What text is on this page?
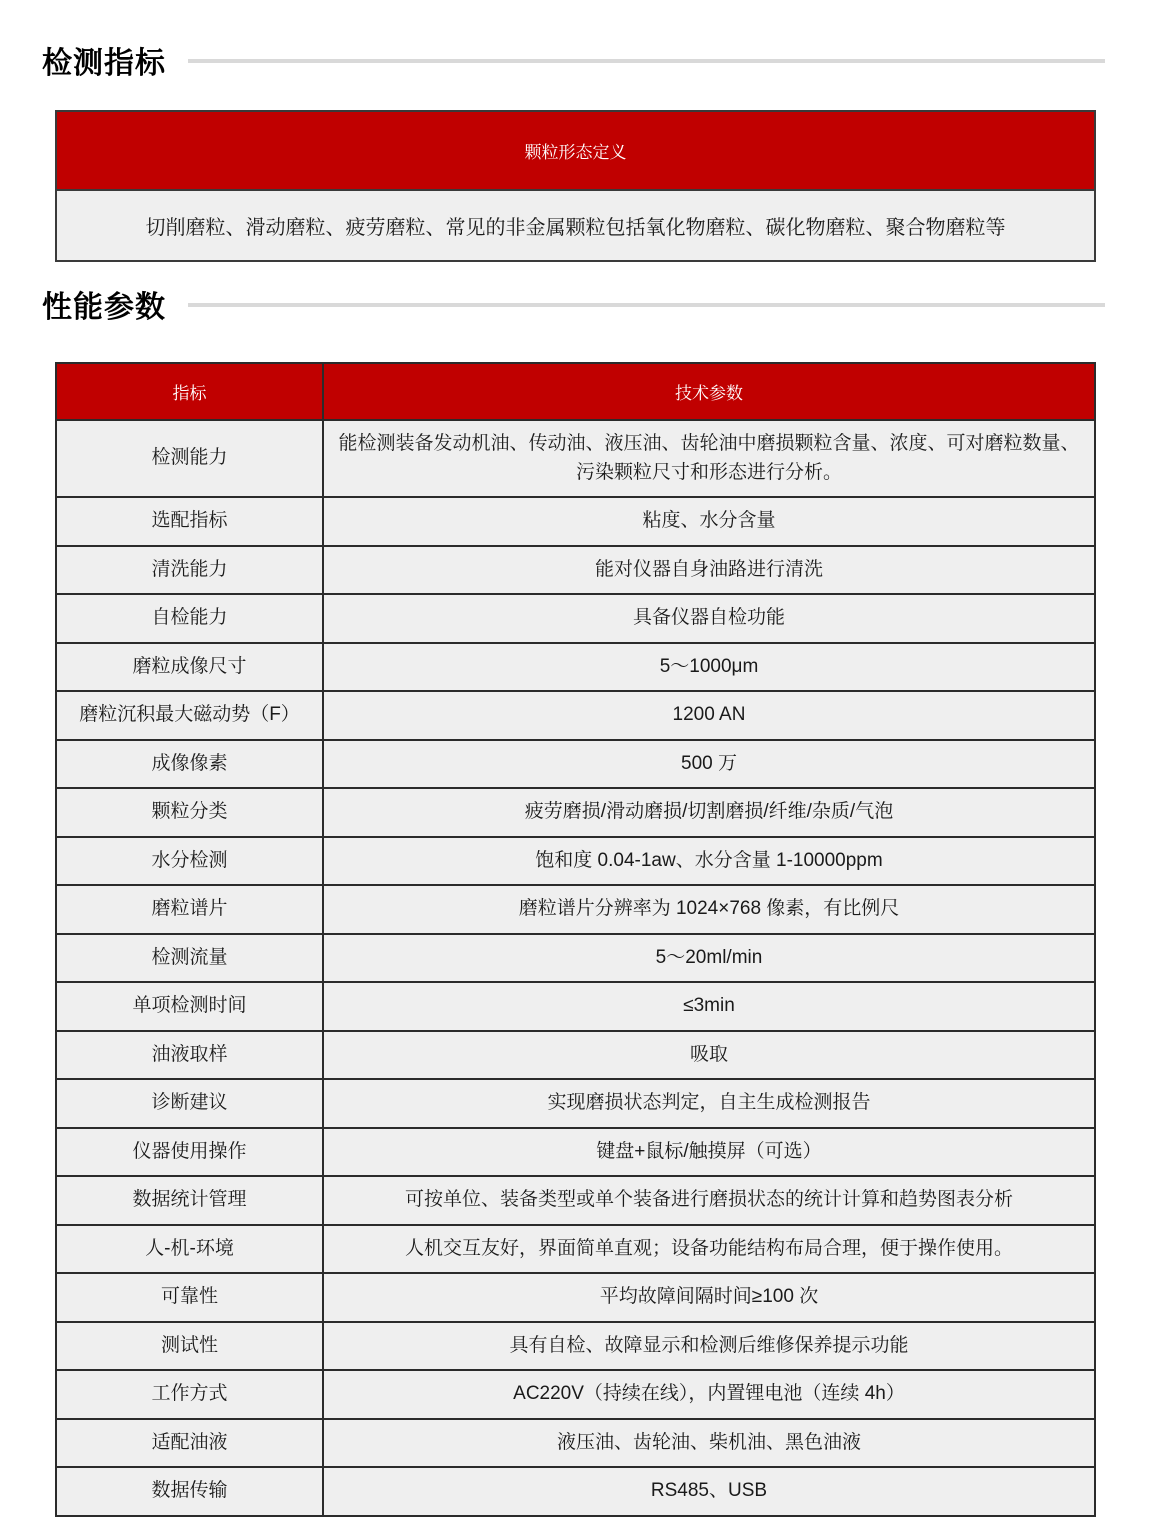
检测指标
颗粒形态定义
切削磨粒、滑动磨粒、疲劳磨粒、常见的非金属颗粒包括氧化物磨粒、碳化物磨粒、聚合物磨粒等
性能参数
指标	技术参数
检测能力	能检测装备发动机油、传动油、液压油、齿轮油中磨损颗粒含量、浓度、可对磨粒数量、污染颗粒尺寸和形态进行分析。
选配指标	粘度、水分含量
清洗能力	能对仪器自身油路进行清洗
自检能力	具备仪器自检功能
磨粒成像尺寸	5～1000μm
磨粒沉积最大磁动势（F）	1200 AN
成像像素	500 万
颗粒分类	疲劳磨损/滑动磨损/切割磨损/纤维/杂质/气泡
水分检测	饱和度 0.04-1aw、水分含量 1-10000ppm
磨粒谱片	磨粒谱片分辨率为 1024×768 像素，有比例尺
检测流量	5～20ml/min
单项检测时间	≤3min
油液取样	吸取
诊断建议	实现磨损状态判定，自主生成检测报告
仪器使用操作	键盘+鼠标/触摸屏（可选）
数据统计管理	可按单位、装备类型或单个装备进行磨损状态的统计计算和趋势图表分析
人-机-环境	人机交互友好，界面简单直观；设备功能结构布局合理，便于操作使用。
可靠性	平均故障间隔时间≥100 次
测试性	具有自检、故障显示和检测后维修保养提示功能
工作方式	AC220V（持续在线），内置锂电池（连续 4h）
适配油液	液压油、齿轮油、柴机油、黑色油液
数据传输	RS485、USB
